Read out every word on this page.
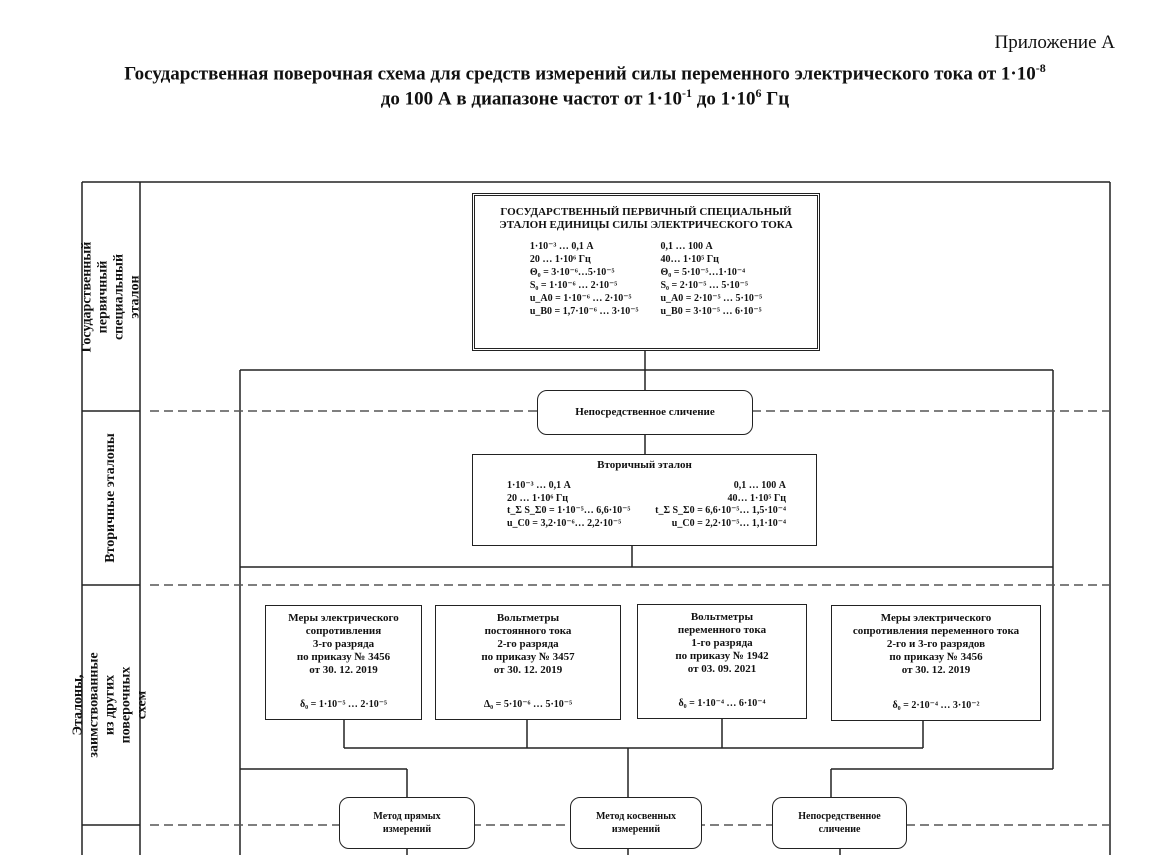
Приложение А
Государственная поверочная схема для средств измерений силы переменного электрического тока от $1\cdot 10^{-8}$
до 100 А в диапазоне частот от $1\cdot 10^{-1}$ до $1\cdot 10^6$ Гц
Государственный первичный специальный эталон
Вторичные эталоны
Эталоны, заимствованные из других поверочных схем
ГОСУДАРСТВЕННЫЙ ПЕРВИЧНЫЙ СПЕЦИАЛЬНЫЙ
ЭТАЛОН ЕДИНИЦЫ СИЛЫ ЭЛЕКТРИЧЕСКОГО ТОКА
1·10⁻³ … 0,1 А
20 … 1·10⁶ Гц
Θ₀ = 3·10⁻⁶…5·10⁻⁵
S₀ = 1·10⁻⁶ … 2·10⁻⁵
u_A0 = 1·10⁻⁶ … 2·10⁻⁵
u_B0 = 1,7·10⁻⁶ … 3·10⁻⁵
0,1 … 100 А
40… 1·10⁵ Гц
Θ₀ = 5·10⁻⁵…1·10⁻⁴
S₀ = 2·10⁻⁵ … 5·10⁻⁵
u_A0 = 2·10⁻⁵ … 5·10⁻⁵
u_B0 = 3·10⁻⁵ … 6·10⁻⁵
Непосредственное сличение
Вторичный эталон
1·10⁻³ … 0,1 А
20 … 1·10⁶ Гц
t_Σ S_Σ0 = 1·10⁻⁵… 6,6·10⁻⁵
u_C0 = 3,2·10⁻⁶… 2,2·10⁻⁵
0,1 … 100 А
40… 1·10⁵ Гц
t_Σ S_Σ0 = 6,6·10⁻⁵… 1,5·10⁻⁴
u_C0 = 2,2·10⁻⁵… 1,1·10⁻⁴
Меры электрического
сопротивления
3-го разряда
по приказу № 3456
от 30. 12. 2019
δ₀ = 1·10⁻⁵ … 2·10⁻⁵
Вольтметры
постоянного тока
2-го разряда
по приказу № 3457
от 30. 12. 2019
Δ₀ = 5·10⁻⁶ … 5·10⁻⁵
Вольтметры
переменного тока
1-го разряда
по приказу № 1942
от 03. 09. 2021
δ₀ = 1·10⁻⁴ … 6·10⁻⁴
Меры электрического
сопротивления переменного тока
2-го и 3-го разрядов
по приказу № 3456
от 30. 12. 2019
δ₀ = 2·10⁻⁴ … 3·10⁻²
Метод прямых измерений
Метод косвенных измерений
Непосредственное сличение
